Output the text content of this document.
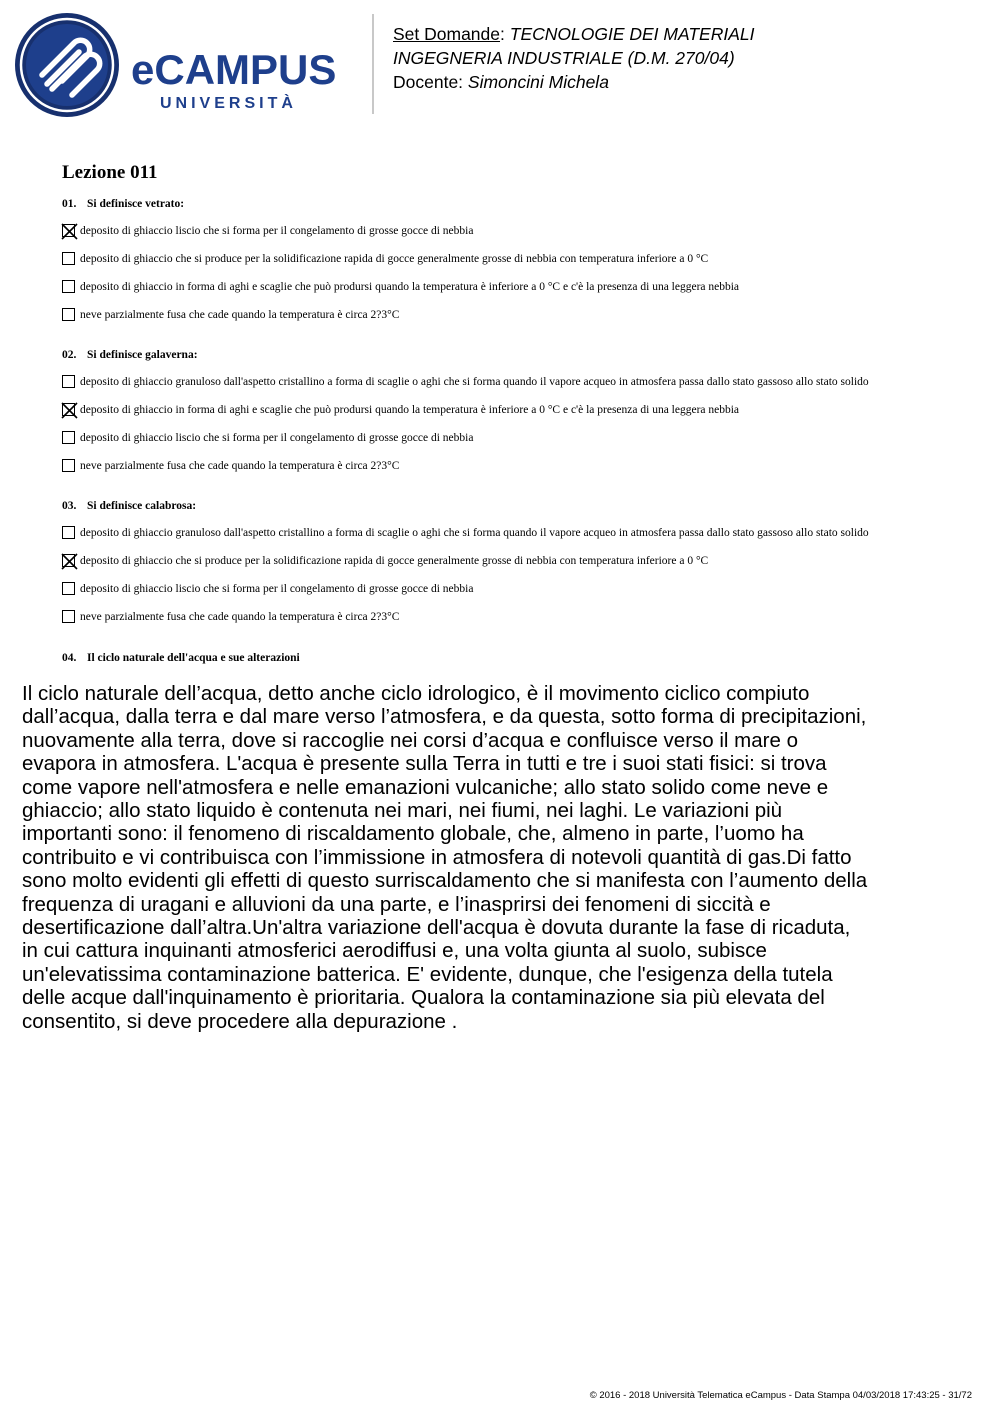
eCAMPUS
UNIVERSITÀ
Set Domande: TECNOLOGIE DEI MATERIALI
INGEGNERIA INDUSTRIALE (D.M. 270/04)
Docente: Simoncini Michela
Lezione 011
01. Si definisce vetrato:
deposito di ghiaccio liscio che si forma per il congelamento di grosse gocce di nebbia
deposito di ghiaccio che si produce per la solidificazione rapida di gocce generalmente grosse di nebbia con temperatura inferiore a 0 °C
deposito di ghiaccio in forma di aghi e scaglie che può prodursi quando la temperatura è inferiore a 0 °C e c'è la presenza di una leggera nebbia
neve parzialmente fusa che cade quando la temperatura è circa 2?3°C
02. Si definisce galaverna:
deposito di ghiaccio granuloso dall'aspetto cristallino a forma di scaglie o aghi che si forma quando il vapore acqueo in atmosfera passa dallo stato gassoso allo stato solido
deposito di ghiaccio in forma di aghi e scaglie che può prodursi quando la temperatura è inferiore a 0 °C e c'è la presenza di una leggera nebbia
deposito di ghiaccio liscio che si forma per il congelamento di grosse gocce di nebbia
neve parzialmente fusa che cade quando la temperatura è circa 2?3°C
03. Si definisce calabrosa:
deposito di ghiaccio granuloso dall'aspetto cristallino a forma di scaglie o aghi che si forma quando il vapore acqueo in atmosfera passa dallo stato gassoso allo stato solido
deposito di ghiaccio che si produce per la solidificazione rapida di gocce generalmente grosse di nebbia con temperatura inferiore a 0 °C
deposito di ghiaccio liscio che si forma per il congelamento di grosse gocce di nebbia
neve parzialmente fusa che cade quando la temperatura è circa 2?3°C
04. Il ciclo naturale dell'acqua e sue alterazioni
Il ciclo naturale dell’acqua, detto anche ciclo idrologico, è il movimento ciclico compiuto
dall’acqua, dalla terra e dal mare verso l’atmosfera, e da questa, sotto forma di precipitazioni,
nuovamente alla terra, dove si raccoglie nei corsi d’acqua e confluisce verso il mare o
evapora in atmosfera. L'acqua è presente sulla Terra in tutti e tre i suoi stati fisici: si trova
come vapore nell'atmosfera e nelle emanazioni vulcaniche; allo stato solido come neve e
ghiaccio; allo stato liquido è contenuta nei mari, nei fiumi, nei laghi. Le variazioni più
importanti sono: il fenomeno di riscaldamento globale, che, almeno in parte, l’uomo ha
contribuito e vi contribuisca con l’immissione in atmosfera di notevoli quantità di gas.Di fatto
sono molto evidenti gli effetti di questo surriscaldamento che si manifesta con l’aumento della
frequenza di uragani e alluvioni da una parte, e l’inasprirsi dei fenomeni di siccità e
desertificazione dall’altra.Un'altra variazione dell'acqua è dovuta durante la fase di ricaduta,
in cui cattura inquinanti atmosferici aerodiffusi e, una volta giunta al suolo, subisce
un'elevatissima contaminazione batterica. E' evidente, dunque, che l'esigenza della tutela
delle acque dall'inquinamento è prioritaria. Qualora la contaminazione sia più elevata del
consentito, si deve procedere alla depurazione .
© 2016 - 2018 Università Telematica eCampus - Data Stampa 04/03/2018 17:43:25 - 31/72
